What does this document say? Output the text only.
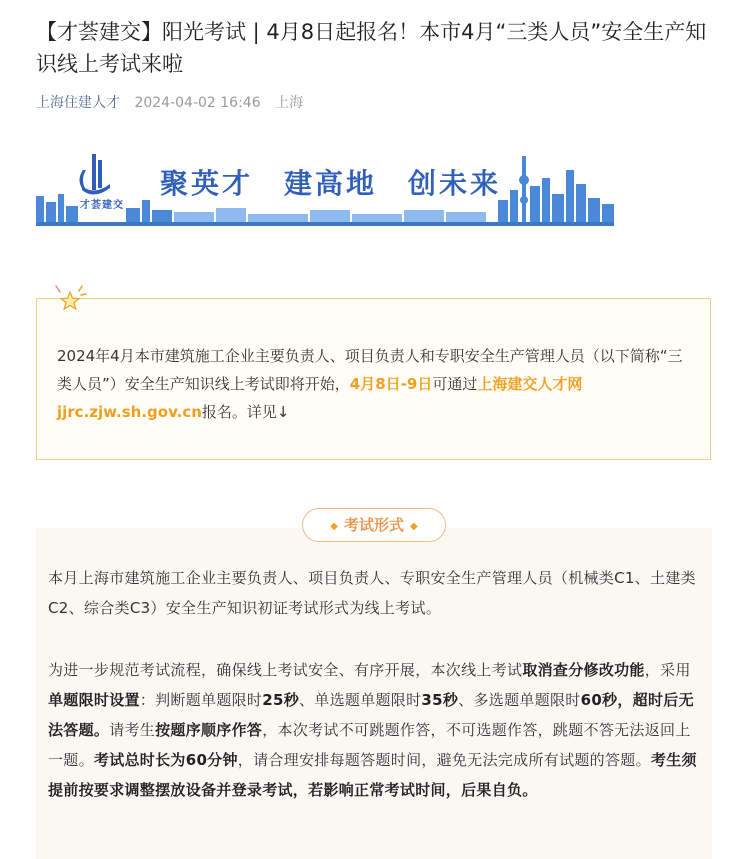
【才荟建交】阳光考试 | 4月8日起报名！本市4月“三类人员”安全生产知识线上考试来啦
上海住建人才 2024-04-02 16:46 上海
才荟建交
聚英才　建高地　创未来

2024年4月本市建筑施工企业主要负责人、项目负责人和专职安全生产管理人员（以下简称“三类人员”）安全生产知识线上考试即将开始，4月8日-9日可通过上海建交人才网jjrc.zjw.sh.gov.cn报名。详见↓

◆ 考试形式 ◆

本月上海市建筑施工企业主要负责人、项目负责人、专职安全生产管理人员（机械类C1、土建类C2、综合类C3）安全生产知识初证考试形式为线上考试。

为进一步规范考试流程，确保线上考试安全、有序开展，本次线上考试取消查分修改功能，采用单题限时设置：判断题单题限时25秒、单选题单题限时35秒、多选题单题限时60秒，超时后无法答题。请考生按题序顺序作答，本次考试不可跳题作答，不可选题作答，跳题不答无法返回上一题。考试总时长为60分钟，请合理安排每题答题时间，避免无法完成所有试题的答题。考生须提前按要求调整摆放设备并登录考试，若影响正常考试时间，后果自负。
